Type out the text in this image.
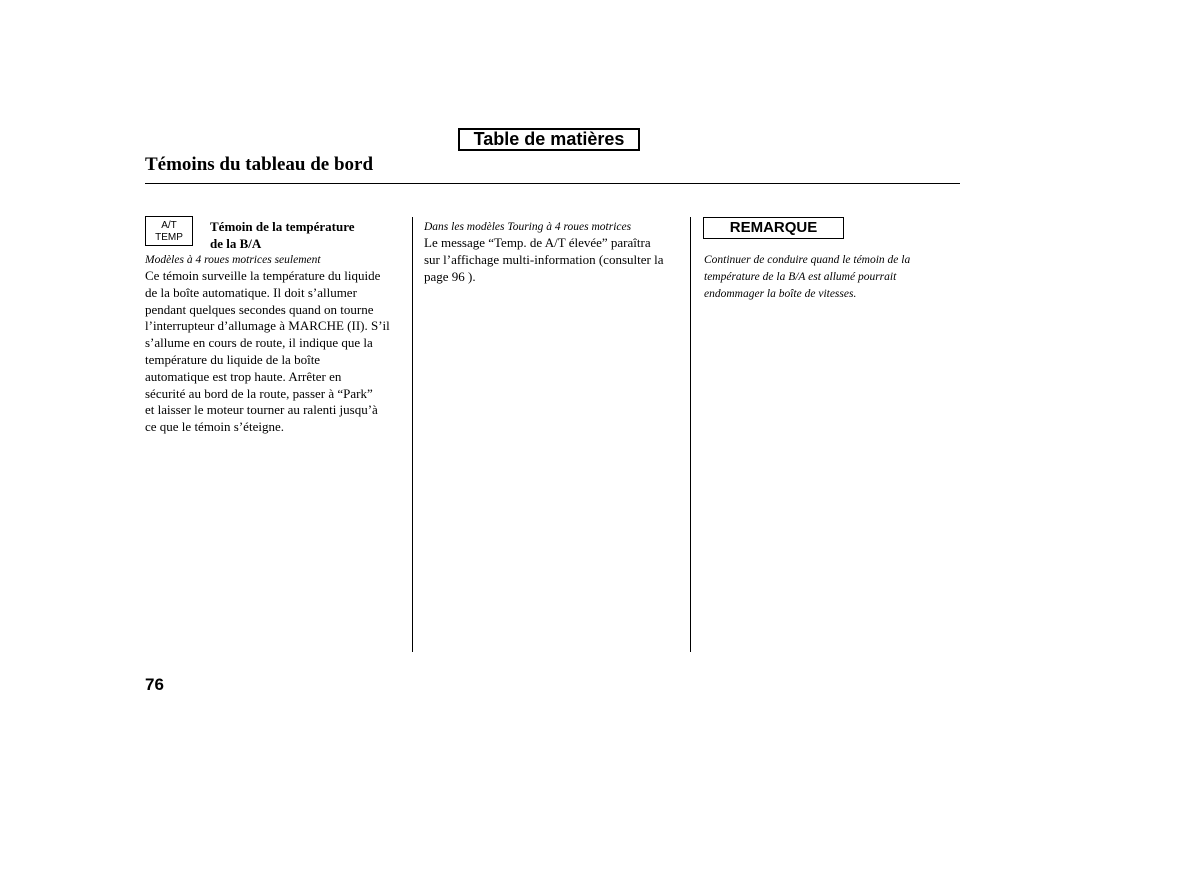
Table de matières
Témoins du tableau de bord
A/T
TEMP
Témoin de la température
de la B/A
Modèles à 4 roues motrices seulement
Ce témoin surveille la température du liquide
de la boîte automatique. Il doit s’allumer
pendant quelques secondes quand on tourne
l’interrupteur d’allumage à MARCHE (II). S’il
s’allume en cours de route, il indique que la
température du liquide de la boîte
automatique est trop haute. Arrêter en
sécurité au bord de la route, passer à “Park”
et laisser le moteur tourner au ralenti jusqu’à
ce que le témoin s’éteigne.
Dans les modèles Touring à 4 roues motrices
Le message “Temp. de A/T élevée” paraîtra
sur l’affichage multi-information (consulter la
page 96 ).
REMARQUE
Continuer de conduire quand le témoin de la
température de la B/A est allumé pourrait
endommager la boîte de vitesses.
76
